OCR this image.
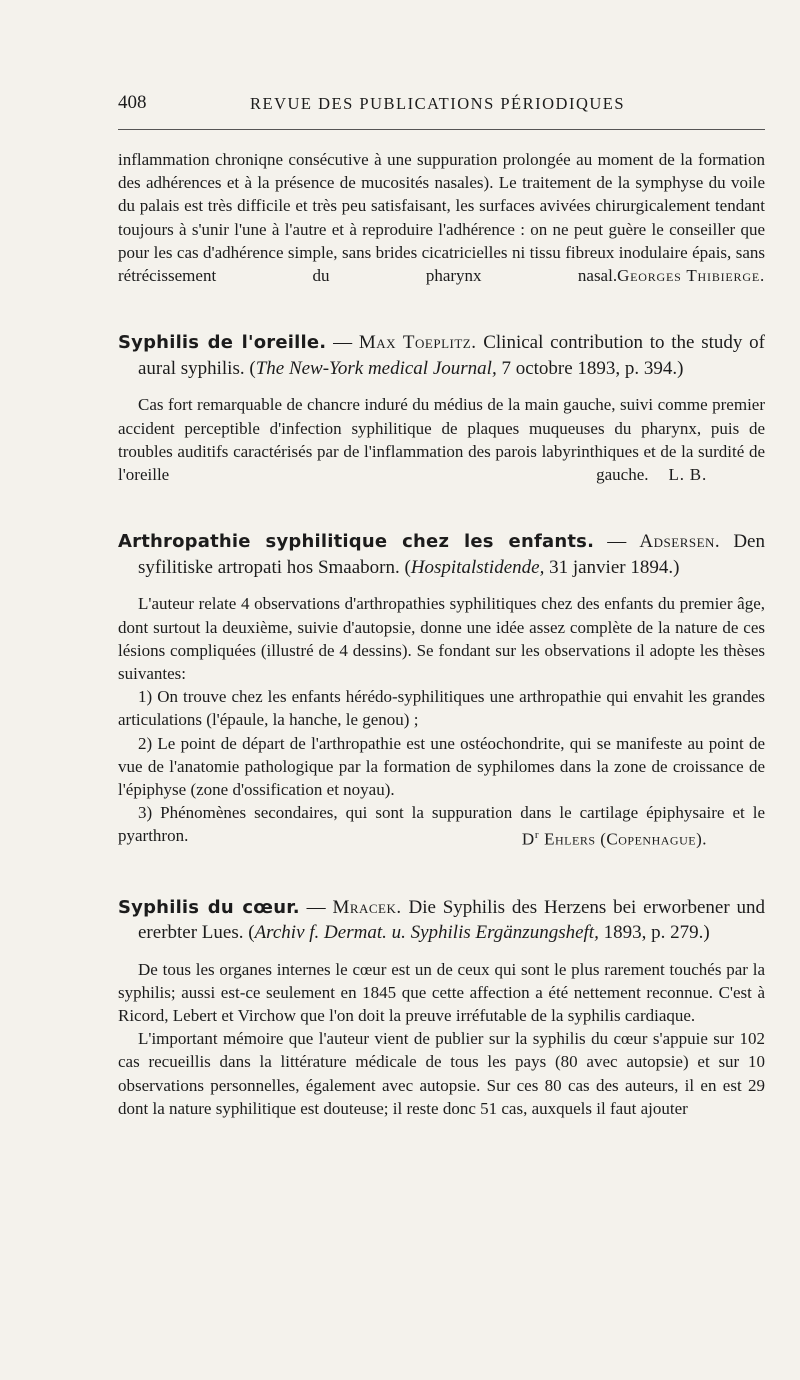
408	REVUE DES PUBLICATIONS PÉRIODIQUES

inflammation chroniqne consécutive à une suppuration prolongée au moment de la formation des adhérences et à la présence de mucosités nasales). Le traitement de la symphyse du voile du palais est très difficile et très peu satisfaisant, les surfaces avivées chirurgicalement tendant toujours à s'unir l'une à l'autre et à reproduire l'adhérence : on ne peut guère le conseiller que pour les cas d'adhérence simple, sans brides cicatricielles ni tissu fibreux inodulaire épais, sans rétrécissement du pharynx nasal. Georges Thibierge.

Syphilis de l'oreille. — Max Toeplitz. Clinical contribution to the study of aural syphilis. (The New-York medical Journal, 7 octobre 1893, p. 394.)

Cas fort remarquable de chancre induré du médius de la main gauche, suivi comme premier accident perceptible d'infection syphilitique de plaques muqueuses du pharynx, puis de troubles auditifs caractérisés par de l'inflammation des parois labyrinthiques et de la surdité de l'oreille gauche.	L. B.

Arthropathie syphilitique chez les enfants. — Adsersen. Den syfilitiske artropati hos Smaaborn. (Hospitalstidende, 31 janvier 1894.)

L'auteur relate 4 observations d'arthropathies syphilitiques chez des enfants du premier âge, dont surtout la deuxième, suivie d'autopsie, donne une idée assez complète de la nature de ces lésions compliquées (illustré de 4 dessins). Se fondant sur les observations il adopte les thèses suivantes:

1) On trouve chez les enfants hérédo-syphilitiques une arthropathie qui envahit les grandes articulations (l'épaule, la hanche, le genou) ;

2) Le point de départ de l'arthropathie est une ostéochondrite, qui se manifeste au point de vue de l'anatomie pathologique par la formation de syphilomes dans la zone de croissance de l'épiphyse (zone d'ossification et noyau).

3) Phénomènes secondaires, qui sont la suppuration dans le cartilage épiphysaire et le pyarthron.	$D^r$ Ehlers (Copenhague).

Syphilis du cœur. — Mracek. Die Syphilis des Herzens bei erworbener und ererbter Lues. (Archiv f. Dermat. u. Syphilis Ergänzungsheft, 1893, p. 279.)

De tous les organes internes le cœur est un de ceux qui sont le plus rarement touchés par la syphilis; aussi est-ce seulement en 1845 que cette affection a été nettement reconnue. C'est à Ricord, Lebert et Virchow que l'on doit la preuve irréfutable de la syphilis cardiaque.

L'important mémoire que l'auteur vient de publier sur la syphilis du cœur s'appuie sur 102 cas recueillis dans la littérature médicale de tous les pays (80 avec autopsie) et sur 10 observations personnelles, également avec autopsie. Sur ces 80 cas des auteurs, il en est 29 dont la nature syphilitique est douteuse; il reste donc 51 cas, auxquels il faut ajouter
